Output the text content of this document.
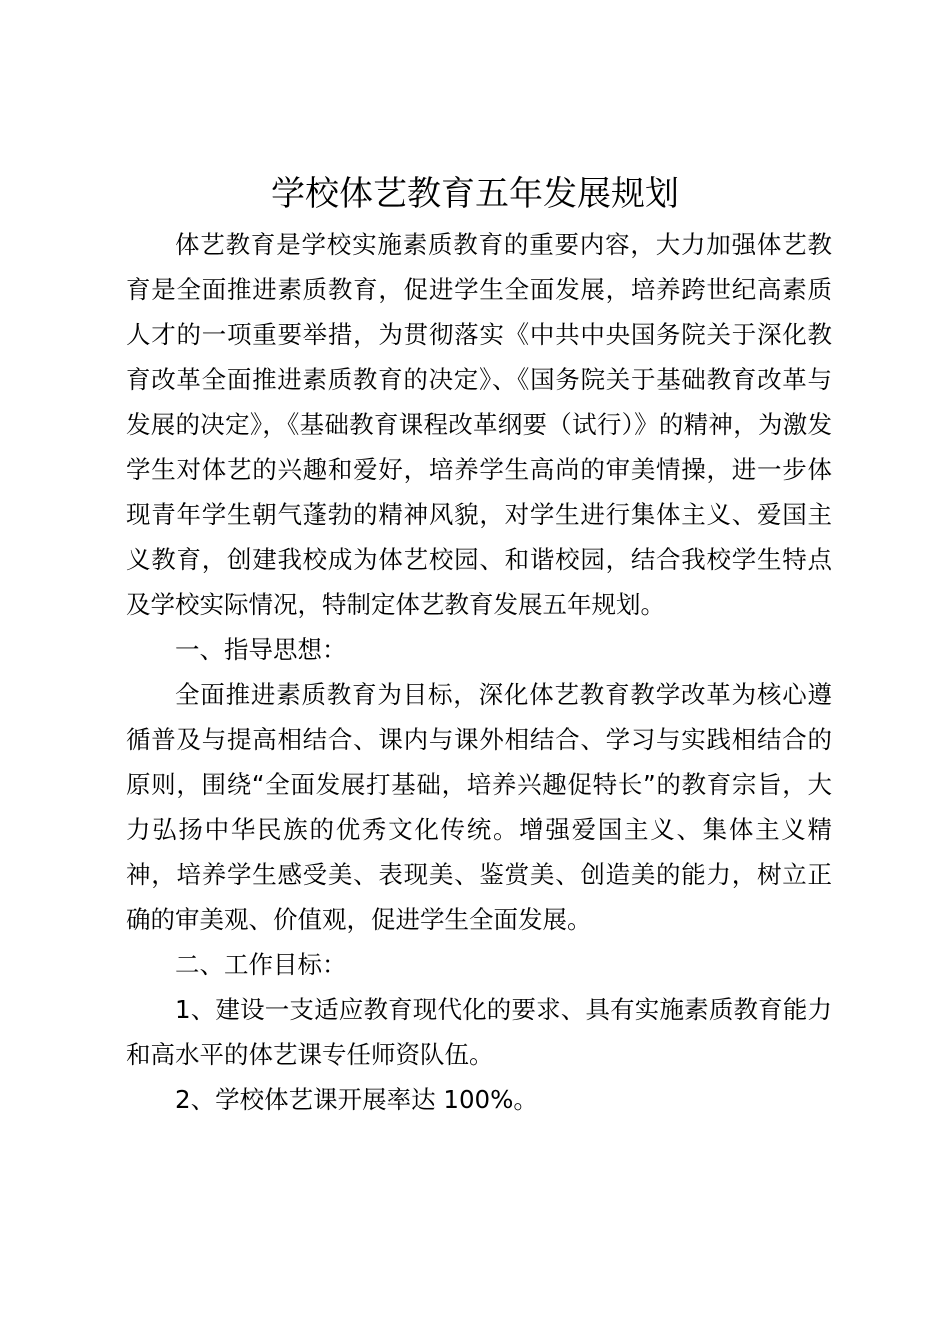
学校体艺教育五年发展规划

体艺教育是学校实施素质教育的重要内容，大力加强体艺教育是全面推进素质教育，促进学生全面发展，培养跨世纪高素质人才的一项重要举措，为贯彻落实《中共中央国务院关于深化教育改革全面推进素质教育的决定》、《国务院关于基础教育改革与发展的决定》，《基础教育课程改革纲要（试行）》的精神，为激发学生对体艺的兴趣和爱好，培养学生高尚的审美情操，进一步体现青年学生朝气蓬勃的精神风貌，对学生进行集体主义、爱国主义教育，创建我校成为体艺校园、和谐校园，结合我校学生特点及学校实际情况，特制定体艺教育发展五年规划。

一、指导思想：

全面推进素质教育为目标，深化体艺教育教学改革为核心遵循普及与提高相结合、课内与课外相结合、学习与实践相结合的原则，围绕“全面发展打基础，培养兴趣促特长”的教育宗旨，大力弘扬中华民族的优秀文化传统。增强爱国主义、集体主义精神，培养学生感受美、表现美、鉴赏美、创造美的能力，树立正确的审美观、价值观，促进学生全面发展。

二、工作目标：

1、建设一支适应教育现代化的要求、具有实施素质教育能力和高水平的体艺课专任师资队伍。

2、学校体艺课开展率达 100%。
